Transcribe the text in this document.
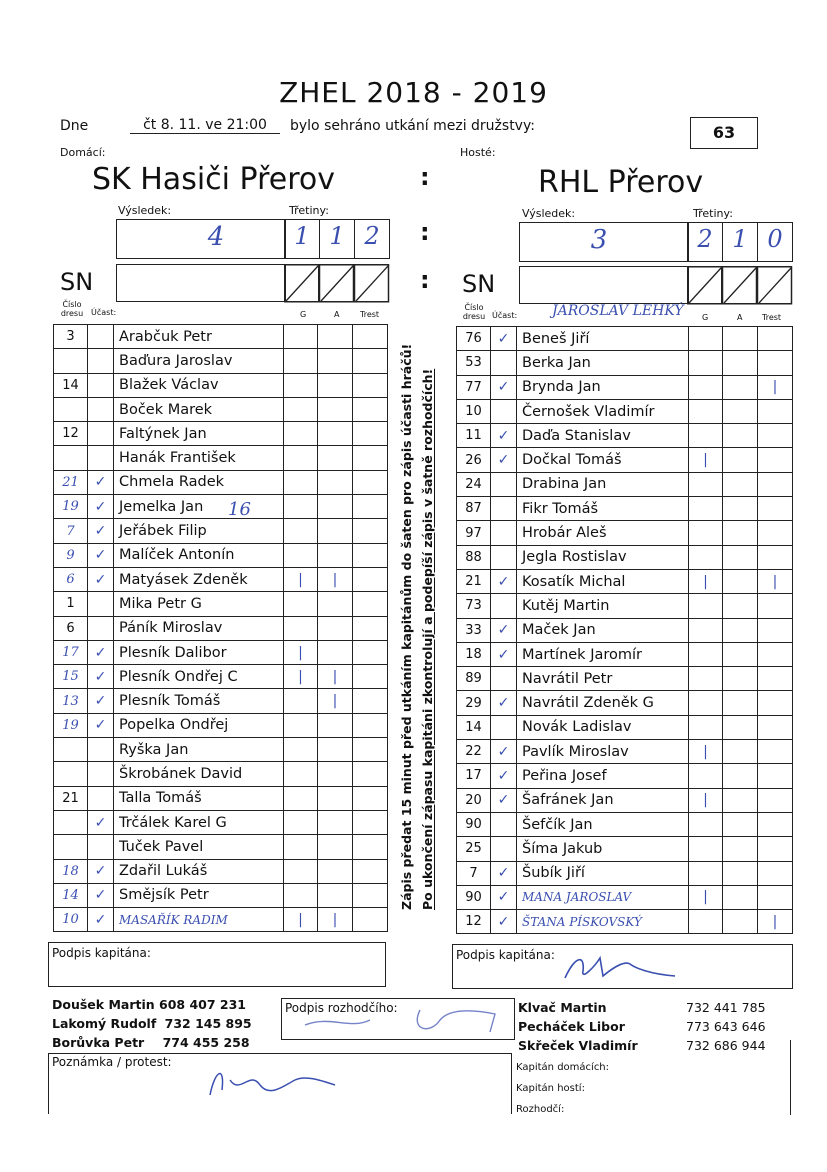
ZHEL 2018 - 2019
Dne	čt 8. 11. ve 21:00	bylo sehráno utkání mezi družstvy:	63
Domácí:	Hosté:
SK Hasiči Přerov	RHL Přerov
:
:
:
Výsledek:	Třetiny:
4	1 1 2
SN
Výsledek:	Třetiny:
3	2 1 0
SN
Číslo dresu Účast:	G	A	Trest
Číslo dresu Účast: JAROSLAV LEHKÝ G	A Trest
3		Arabčuk Petr			
		Baďura Jaroslav			
14		Blažek Václav			
		Boček Marek			
12		Faltýnek Jan			
		Hanák František			
21	✓	Chmela Radek			
19	✓	Jemelka Jan			
7	✓	Jeřábek Filip			
9	✓	Malíček Antonín			
6	✓	Matyásek Zdeněk	|	|	
1		Mika Petr G			
6		Páník Miroslav			
17	✓	Plesník Dalibor	|		
15	✓	Plesník Ondřej C	|	|	
13	✓	Plesník Tomáš		|	
19	✓	Popelka Ondřej			
		Ryška Jan			
		Škrobánek David			
21		Talla Tomáš			
	✓	Trčálek Karel G			
		Tuček Pavel			
18	✓	Zdařil Lukáš			
14	✓	Smějsík Petr			
10	✓	MASAŘÍK RADIM	|	|	
16
76	✓	Beneš Jiří			
53		Berka Jan			
77	✓	Brynda Jan			|
10		Černošek Vladimír			
11	✓	Daďa Stanislav			
26	✓	Dočkal Tomáš	|		
24		Drabina Jan			
87		Fikr Tomáš			
97		Hrobár Aleš			
88		Jegla Rostislav			
21	✓	Kosatík Michal	|		|
73		Kutěj Martin			
33	✓	Maček Jan			
18	✓	Martínek Jaromír			
89		Navrátil Petr			
29	✓	Navrátil Zdeněk G			
14		Novák Ladislav			
22	✓	Pavlík Miroslav	|		
17	✓	Peřina Josef			
20	✓	Šafránek Jan	|		
90		Šefčík Jan			
25		Šíma Jakub			
7	✓	Šubík Jiří			
90	✓	MANA JAROSLAV	|		
12	✓	ŠTANA PÍSKOVSKÝ			|
Zápis předat 15 minut před utkáním kapitánům do šaten pro zápis účasti hráčů! Po ukončení zápasu kapitáni zkontrolují a podepíší zápis v šatně rozhodčích!
Podpis kapitána:	Podpis kapitána:
Doušek Martin 608 407 231
Lakomý Rudolf 732 145 895
Borůvka Petr 774 455 258
Podpis rozhodčího:	Klvač Martin
Pecháček Libor
Skřeček Vladimír
732 441 785
773 643 646
732 686 944
Poznámka / protest:	Kapitán domácích:
Kapitán hostí:
Rozhodčí:
